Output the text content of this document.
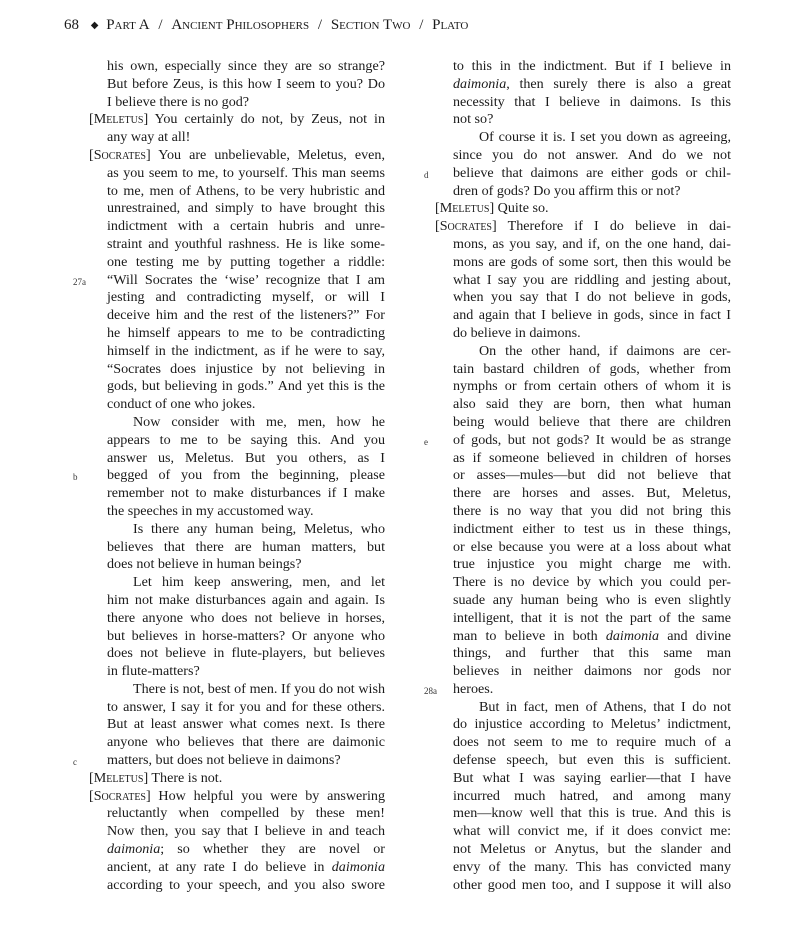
68 ◆ Part A / Ancient Philosophers / Section Two / Plato
his own, especially since they are so strange?
But before Zeus, is this how I seem to you? Do
I believe there is no god?
[Meletus] You certainly do not, by Zeus, not in
any way at all!
[Socrates] You are unbelievable, Meletus, even,
as you seem to me, to yourself. This man seems
to me, men of Athens, to be very hubristic and
unrestrained, and simply to have brought this
indictment with a certain hubris and unre-
straint and youthful rashness. He is like some-
one testing me by putting together a riddle:
27a	“Will Socrates the ‘wise’ recognize that I am
jesting and contradicting myself, or will I
deceive him and the rest of the listeners?” For
he himself appears to me to be contradicting
himself in the indictment, as if he were to say,
“Socrates does injustice by not believing in
gods, but believing in gods.” And yet this is the
conduct of one who jokes.
Now consider with me, men, how he
appears to me to be saying this. And you
answer us, Meletus. But you others, as I
b	begged of you from the beginning, please
remember not to make disturbances if I make
the speeches in my accustomed way.
Is there any human being, Meletus, who
believes that there are human matters, but
does not believe in human beings?
Let him keep answering, men, and let
him not make disturbances again and again. Is
there anyone who does not believe in horses,
but believes in horse-matters? Or anyone who
does not believe in flute-players, but believes
in flute-matters?
There is not, best of men. If you do not wish
to answer, I say it for you and for these others.
But at least answer what comes next. Is there
anyone who believes that there are daimonic
c	matters, but does not believe in daimons?
[Meletus] There is not.
[Socrates] How helpful you were by answering
reluctantly when compelled by these men!
Now then, you say that I believe in and teach
daimonia; so whether they are novel or
ancient, at any rate I do believe in daimonia
according to your speech, and you also swore
to this in the indictment. But if I believe in
daimonia, then surely there is also a great
necessity that I believe in daimons. Is this
not so?
Of course it is. I set you down as agreeing,
since you do not answer. And do we not
d	believe that daimons are either gods or chil-
dren of gods? Do you affirm this or not?
[Meletus] Quite so.
[Socrates] Therefore if I do believe in dai-
mons, as you say, and if, on the one hand, dai-
mons are gods of some sort, then this would be
what I say you are riddling and jesting about,
when you say that I do not believe in gods,
and again that I believe in gods, since in fact I
do believe in daimons.
On the other hand, if daimons are cer-
tain bastard children of gods, whether from
nymphs or from certain others of whom it is
also said they are born, then what human
being would believe that there are children
e	of gods, but not gods? It would be as strange
as if someone believed in children of horses
or asses—mules—but did not believe that
there are horses and asses. But, Meletus,
there is no way that you did not bring this
indictment either to test us in these things,
or else because you were at a loss about what
true injustice you might charge me with.
There is no device by which you could per-
suade any human being who is even slightly
intelligent, that it is not the part of the same
man to believe in both daimonia and divine
things, and further that this same man
believes in neither daimons nor gods nor
28a	heroes.
But in fact, men of Athens, that I do not
do injustice according to Meletus’ indictment,
does not seem to me to require much of a
defense speech, but even this is sufficient.
But what I was saying earlier—that I have
incurred much hatred, and among many
men—know well that this is true. And this is
what will convict me, if it does convict me:
not Meletus or Anytus, but the slander and
envy of the many. This has convicted many
other good men too, and I suppose it will also
